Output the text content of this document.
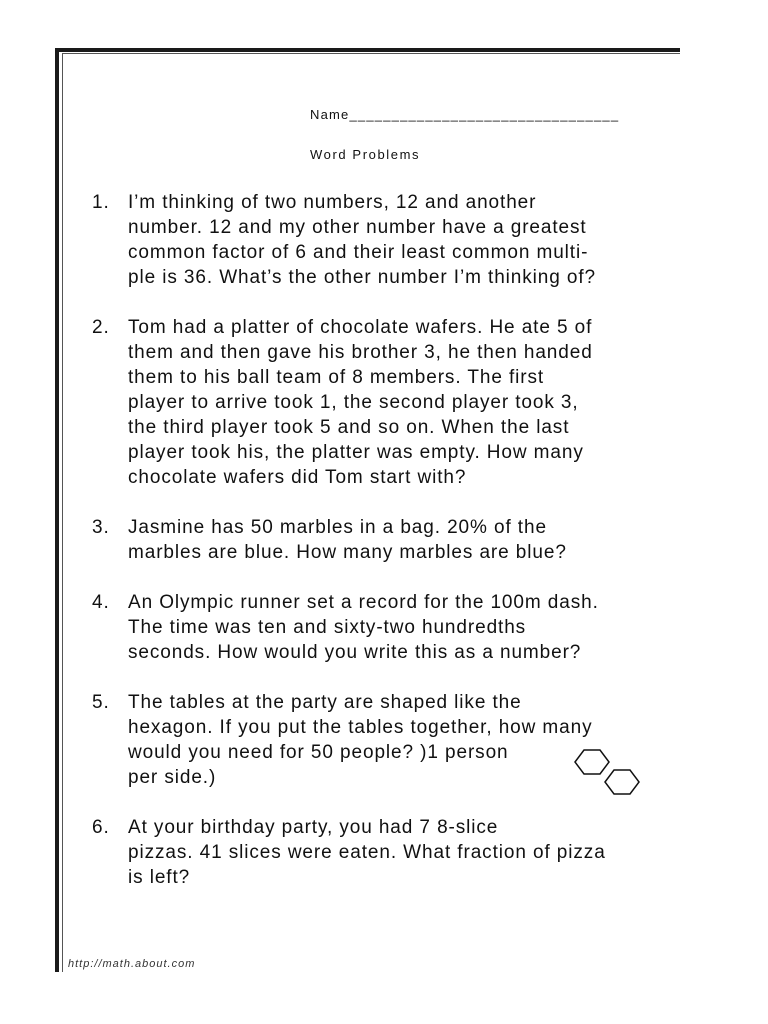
Name________________________________
Word Problems
1. I’m thinking of two numbers, 12 and another
number. 12 and my other number have a greatest
common factor of 6 and their least common multi-
ple is 36. What’s the other number I’m thinking of?
2. Tom had a platter of chocolate wafers. He ate 5 of
them and then gave his brother 3, he then handed
them to his ball team of 8 members. The first
player to arrive took 1, the second player took 3,
the third player took 5 and so on. When the last
player took his, the platter was empty. How many
chocolate wafers did Tom start with?
3. Jasmine has 50 marbles in a bag. 20% of the
marbles are blue. How many marbles are blue?
4. An Olympic runner set a record for the 100m dash.
The time was ten and sixty-two hundredths
seconds. How would you write this as a number?
5. The tables at the party are shaped like the
hexagon. If you put the tables together, how many
would you need for 50 people? )1 person
per side.)
6. At your birthday party, you had 7 8-slice
pizzas. 41 slices were eaten. What fraction of pizza
is left?
http://math.about.com
